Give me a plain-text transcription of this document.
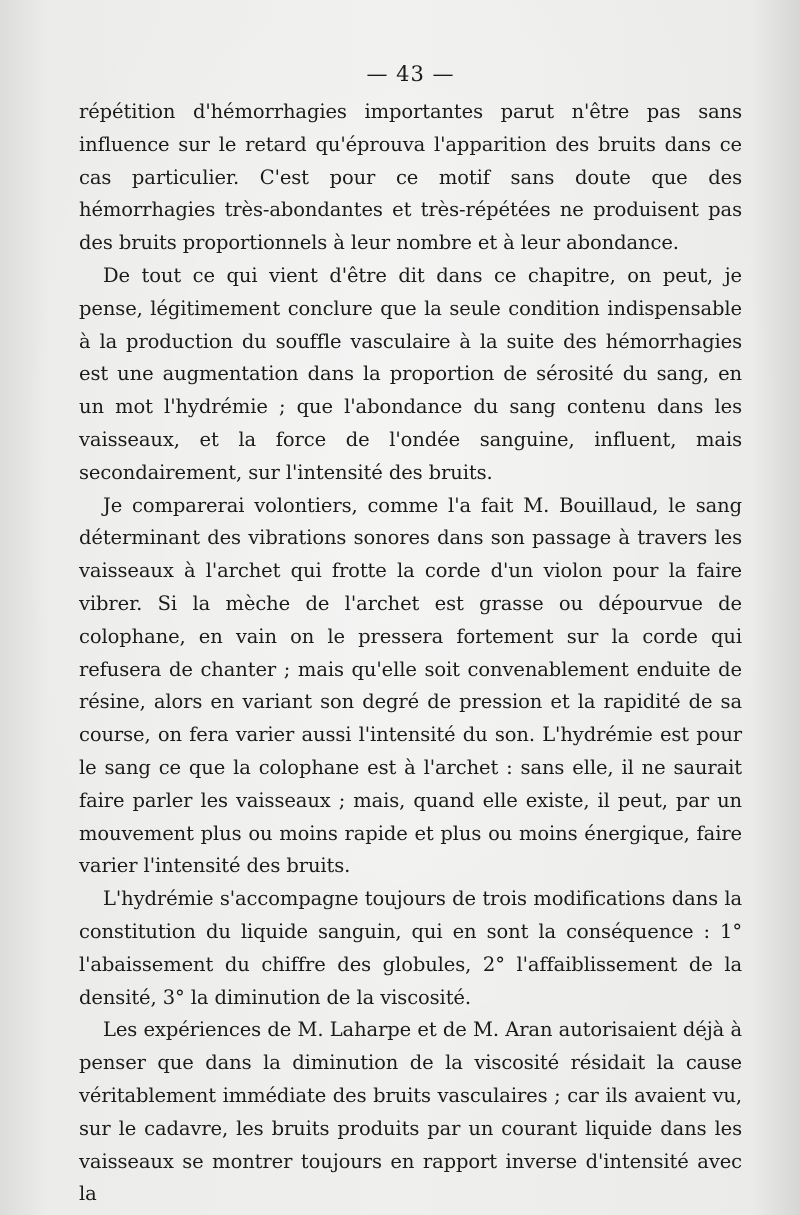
— 43 —

répétition d'hémorrhagies importantes parut n'être pas sans influence sur le retard qu'éprouva l'apparition des bruits dans ce cas particulier. C'est pour ce motif sans doute que des hémorrhagies très-abondantes et très-répétées ne produisent pas des bruits proportionnels à leur nombre et à leur abondance.

De tout ce qui vient d'être dit dans ce chapitre, on peut, je pense, légitimement conclure que la seule condition indispensable à la production du souffle vasculaire à la suite des hémorrhagies est une augmentation dans la proportion de sérosité du sang, en un mot l'hydrémie ; que l'abondance du sang contenu dans les vaisseaux, et la force de l'ondée sanguine, influent, mais secondairement, sur l'intensité des bruits.

Je comparerai volontiers, comme l'a fait M. Bouillaud, le sang déterminant des vibrations sonores dans son passage à travers les vaisseaux à l'archet qui frotte la corde d'un violon pour la faire vibrer. Si la mèche de l'archet est grasse ou dépourvue de colophane, en vain on le pressera fortement sur la corde qui refusera de chanter ; mais qu'elle soit convenablement enduite de résine, alors en variant son degré de pression et la rapidité de sa course, on fera varier aussi l'intensité du son. L'hydrémie est pour le sang ce que la colophane est à l'archet : sans elle, il ne saurait faire parler les vaisseaux ; mais, quand elle existe, il peut, par un mouvement plus ou moins rapide et plus ou moins énergique, faire varier l'intensité des bruits.

L'hydrémie s'accompagne toujours de trois modifications dans la constitution du liquide sanguin, qui en sont la conséquence : 1° l'abaissement du chiffre des globules, 2° l'affaiblissement de la densité, 3° la diminution de la viscosité.

Les expériences de M. Laharpe et de M. Aran autorisaient déjà à penser que dans la diminution de la viscosité résidait la cause véritablement immédiate des bruits vasculaires ; car ils avaient vu, sur le cadavre, les bruits produits par un courant liquide dans les vaisseaux se montrer toujours en rapport inverse d'intensité avec la
